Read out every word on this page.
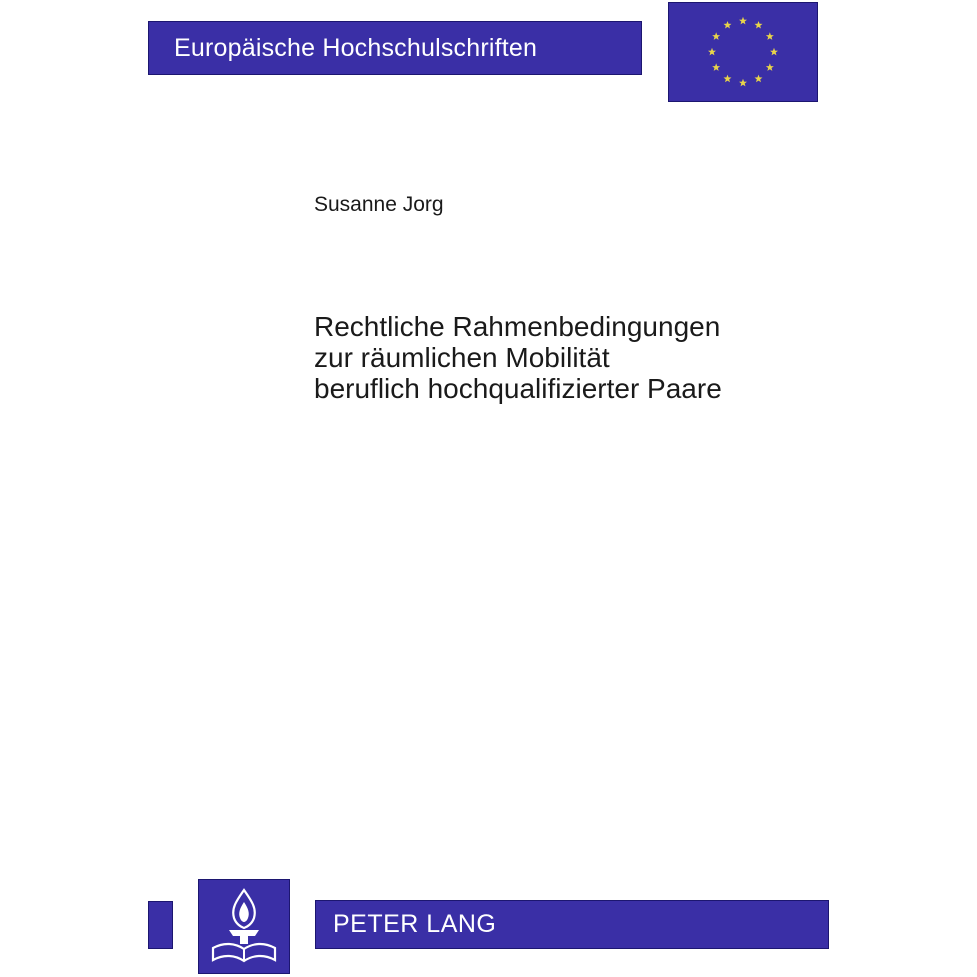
Europäische Hochschulschriften
Susanne Jorg
Rechtliche Rahmenbedingungen
zur räumlichen Mobilität
beruflich hochqualifizierter Paare
PETER LANG
